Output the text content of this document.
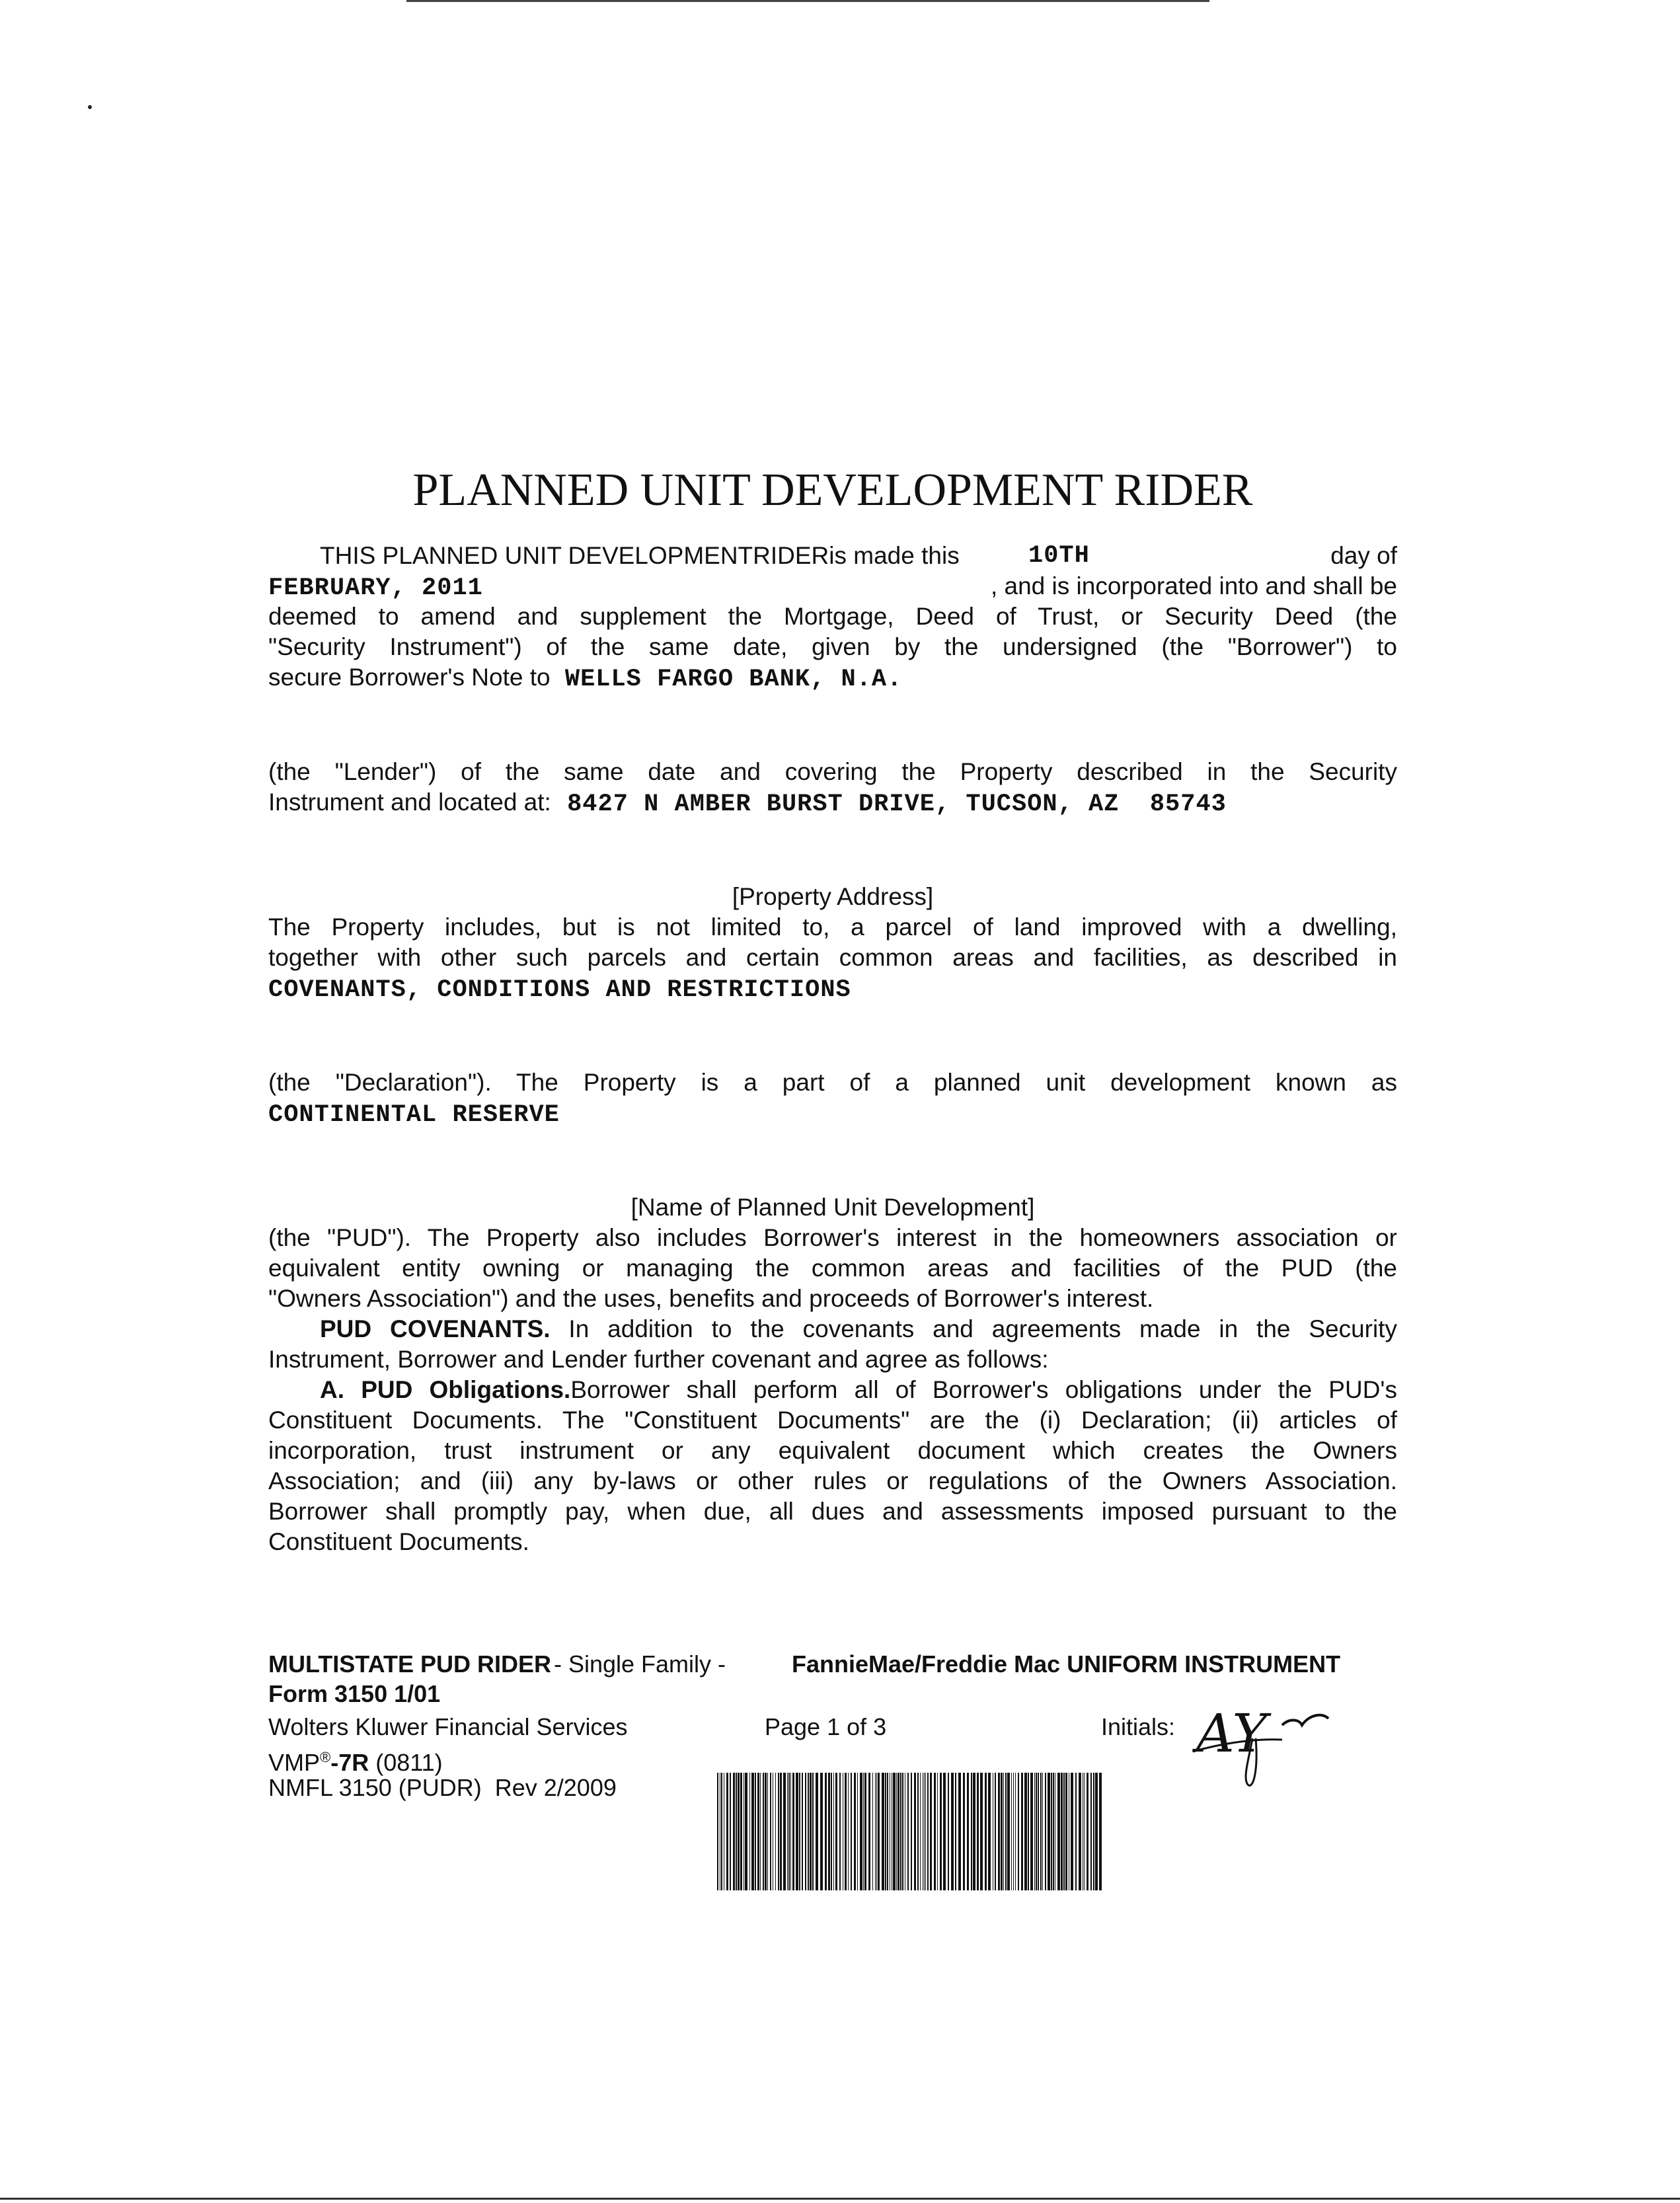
PLANNED UNIT DEVELOPMENT RIDER
THIS PLANNED UNIT DEVELOPMENTRIDERis made this	10TH	day of
FEBRUARY, 2011	, and is incorporated into and shall be
deemed to amend and supplement the Mortgage, Deed of Trust, or Security Deed (the
"Security Instrument") of the same date, given by the undersigned (the "Borrower") to
secure Borrower's Note to WELLS FARGO BANK, N.A.
(the "Lender") of the same date and covering the Property described in the Security
Instrument and located at: 8427 N AMBER BURST DRIVE, TUCSON, AZ  85743
[Property Address]
The Property includes, but is not limited to, a parcel of land improved with a dwelling,
together with other such parcels and certain common areas and facilities, as described in
COVENANTS, CONDITIONS AND RESTRICTIONS
(the "Declaration"). The Property is a part of a planned unit development known as
CONTINENTAL RESERVE
[Name of Planned Unit Development]
(the "PUD"). The Property also includes Borrower's interest in the homeowners association or
equivalent entity owning or managing the common areas and facilities of the PUD (the
"Owners Association") and the uses, benefits and proceeds of Borrower's interest.
PUD COVENANTS. In addition to the covenants and agreements made in the Security
Instrument, Borrower and Lender further covenant and agree as follows:
A. PUD Obligations.Borrower shall perform all of Borrower's obligations under the PUD's
Constituent Documents. The "Constituent Documents" are the (i) Declaration; (ii) articles of
incorporation, trust instrument or any equivalent document which creates the Owners
Association; and (iii) any by-laws or other rules or regulations of the Owners Association.
Borrower shall promptly pay, when due, all dues and assessments imposed pursuant to the
Constituent Documents.
MULTISTATE PUD RIDER - Single Family -	FannieMae/Freddie Mac UNIFORM INSTRUMENT
Form 3150 1/01
Wolters Kluwer Financial Services
VMP®-7R (0811)
NMFL 3150 (PUDR)  Rev 2/2009
Page 1 of 3	Initials: AY
